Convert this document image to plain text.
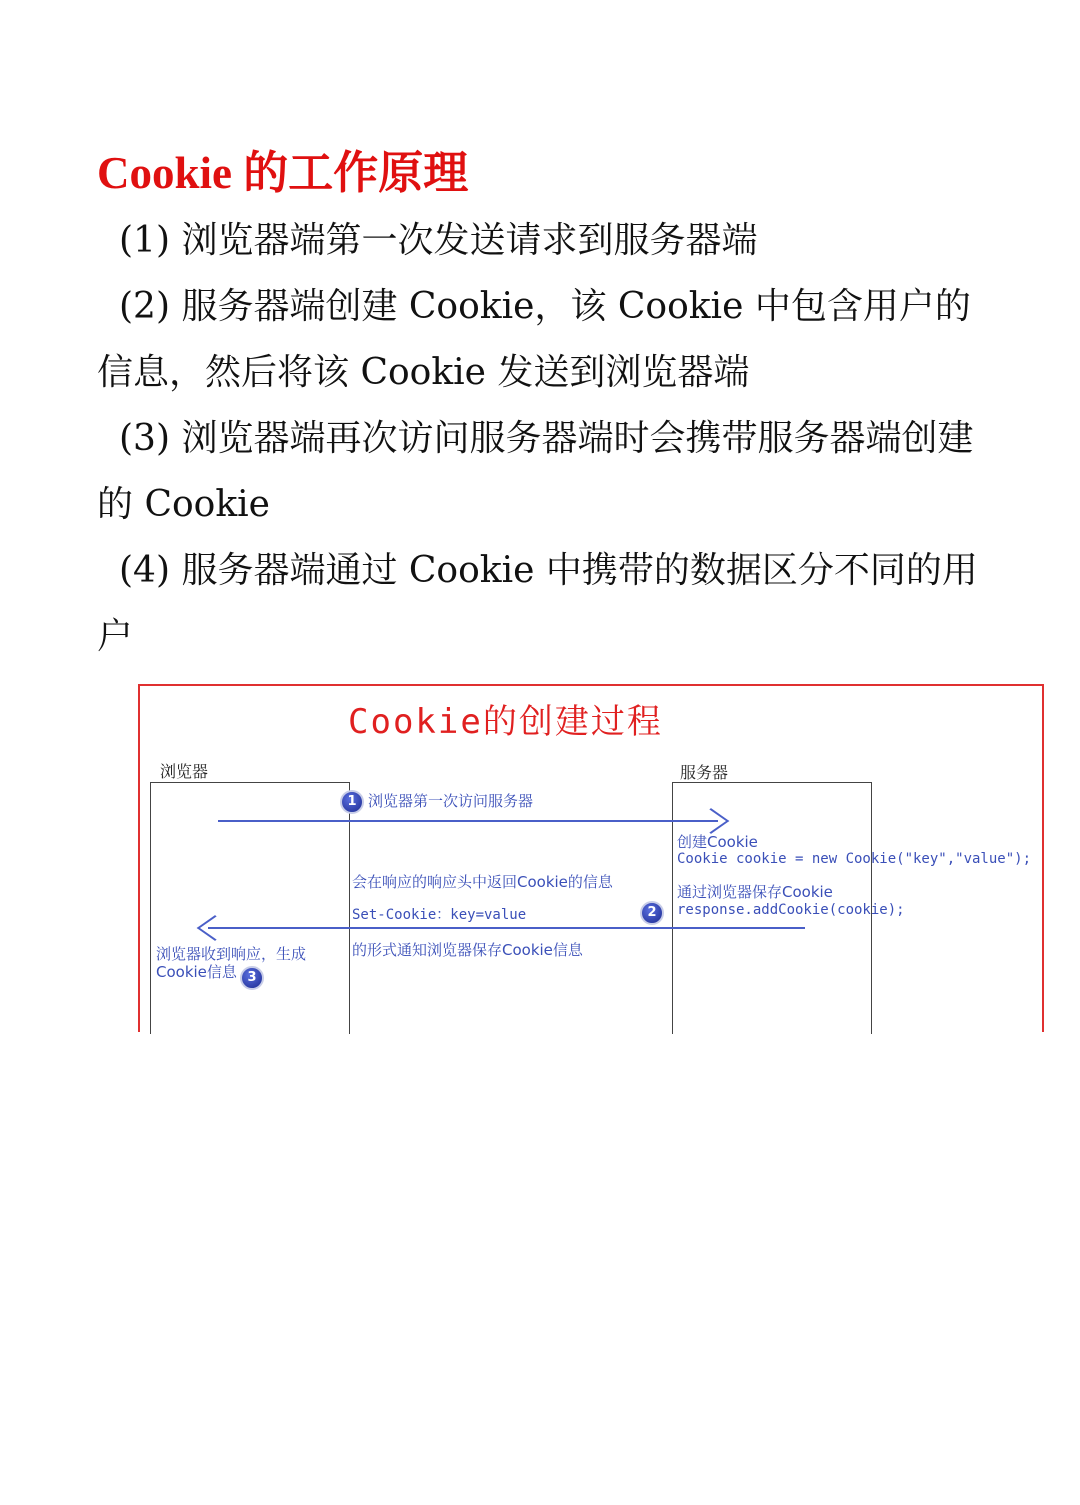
Cookie 的工作原理

(1) 浏览器端第一次发送请求到服务器端

(2) 服务器端创建 Cookie，该 Cookie 中包含用户的信息，然后将该 Cookie 发送到浏览器端

(3) 浏览器端再次访问服务器端时会携带服务器端创建的 Cookie

(4) 服务器端通过 Cookie 中携带的数据区分不同的用户

Cookie的创建过程
浏览器	服务器
1 浏览器第一次访问服务器
创建Cookie
Cookie cookie = new Cookie("key","value");
通过浏览器保存Cookie
response.addCookie(cookie);
会在响应的响应头中返回Cookie的信息
Set-Cookie：key=value
的形式通知浏览器保存Cookie信息
2
浏览器收到响应，生成
Cookie信息 3
